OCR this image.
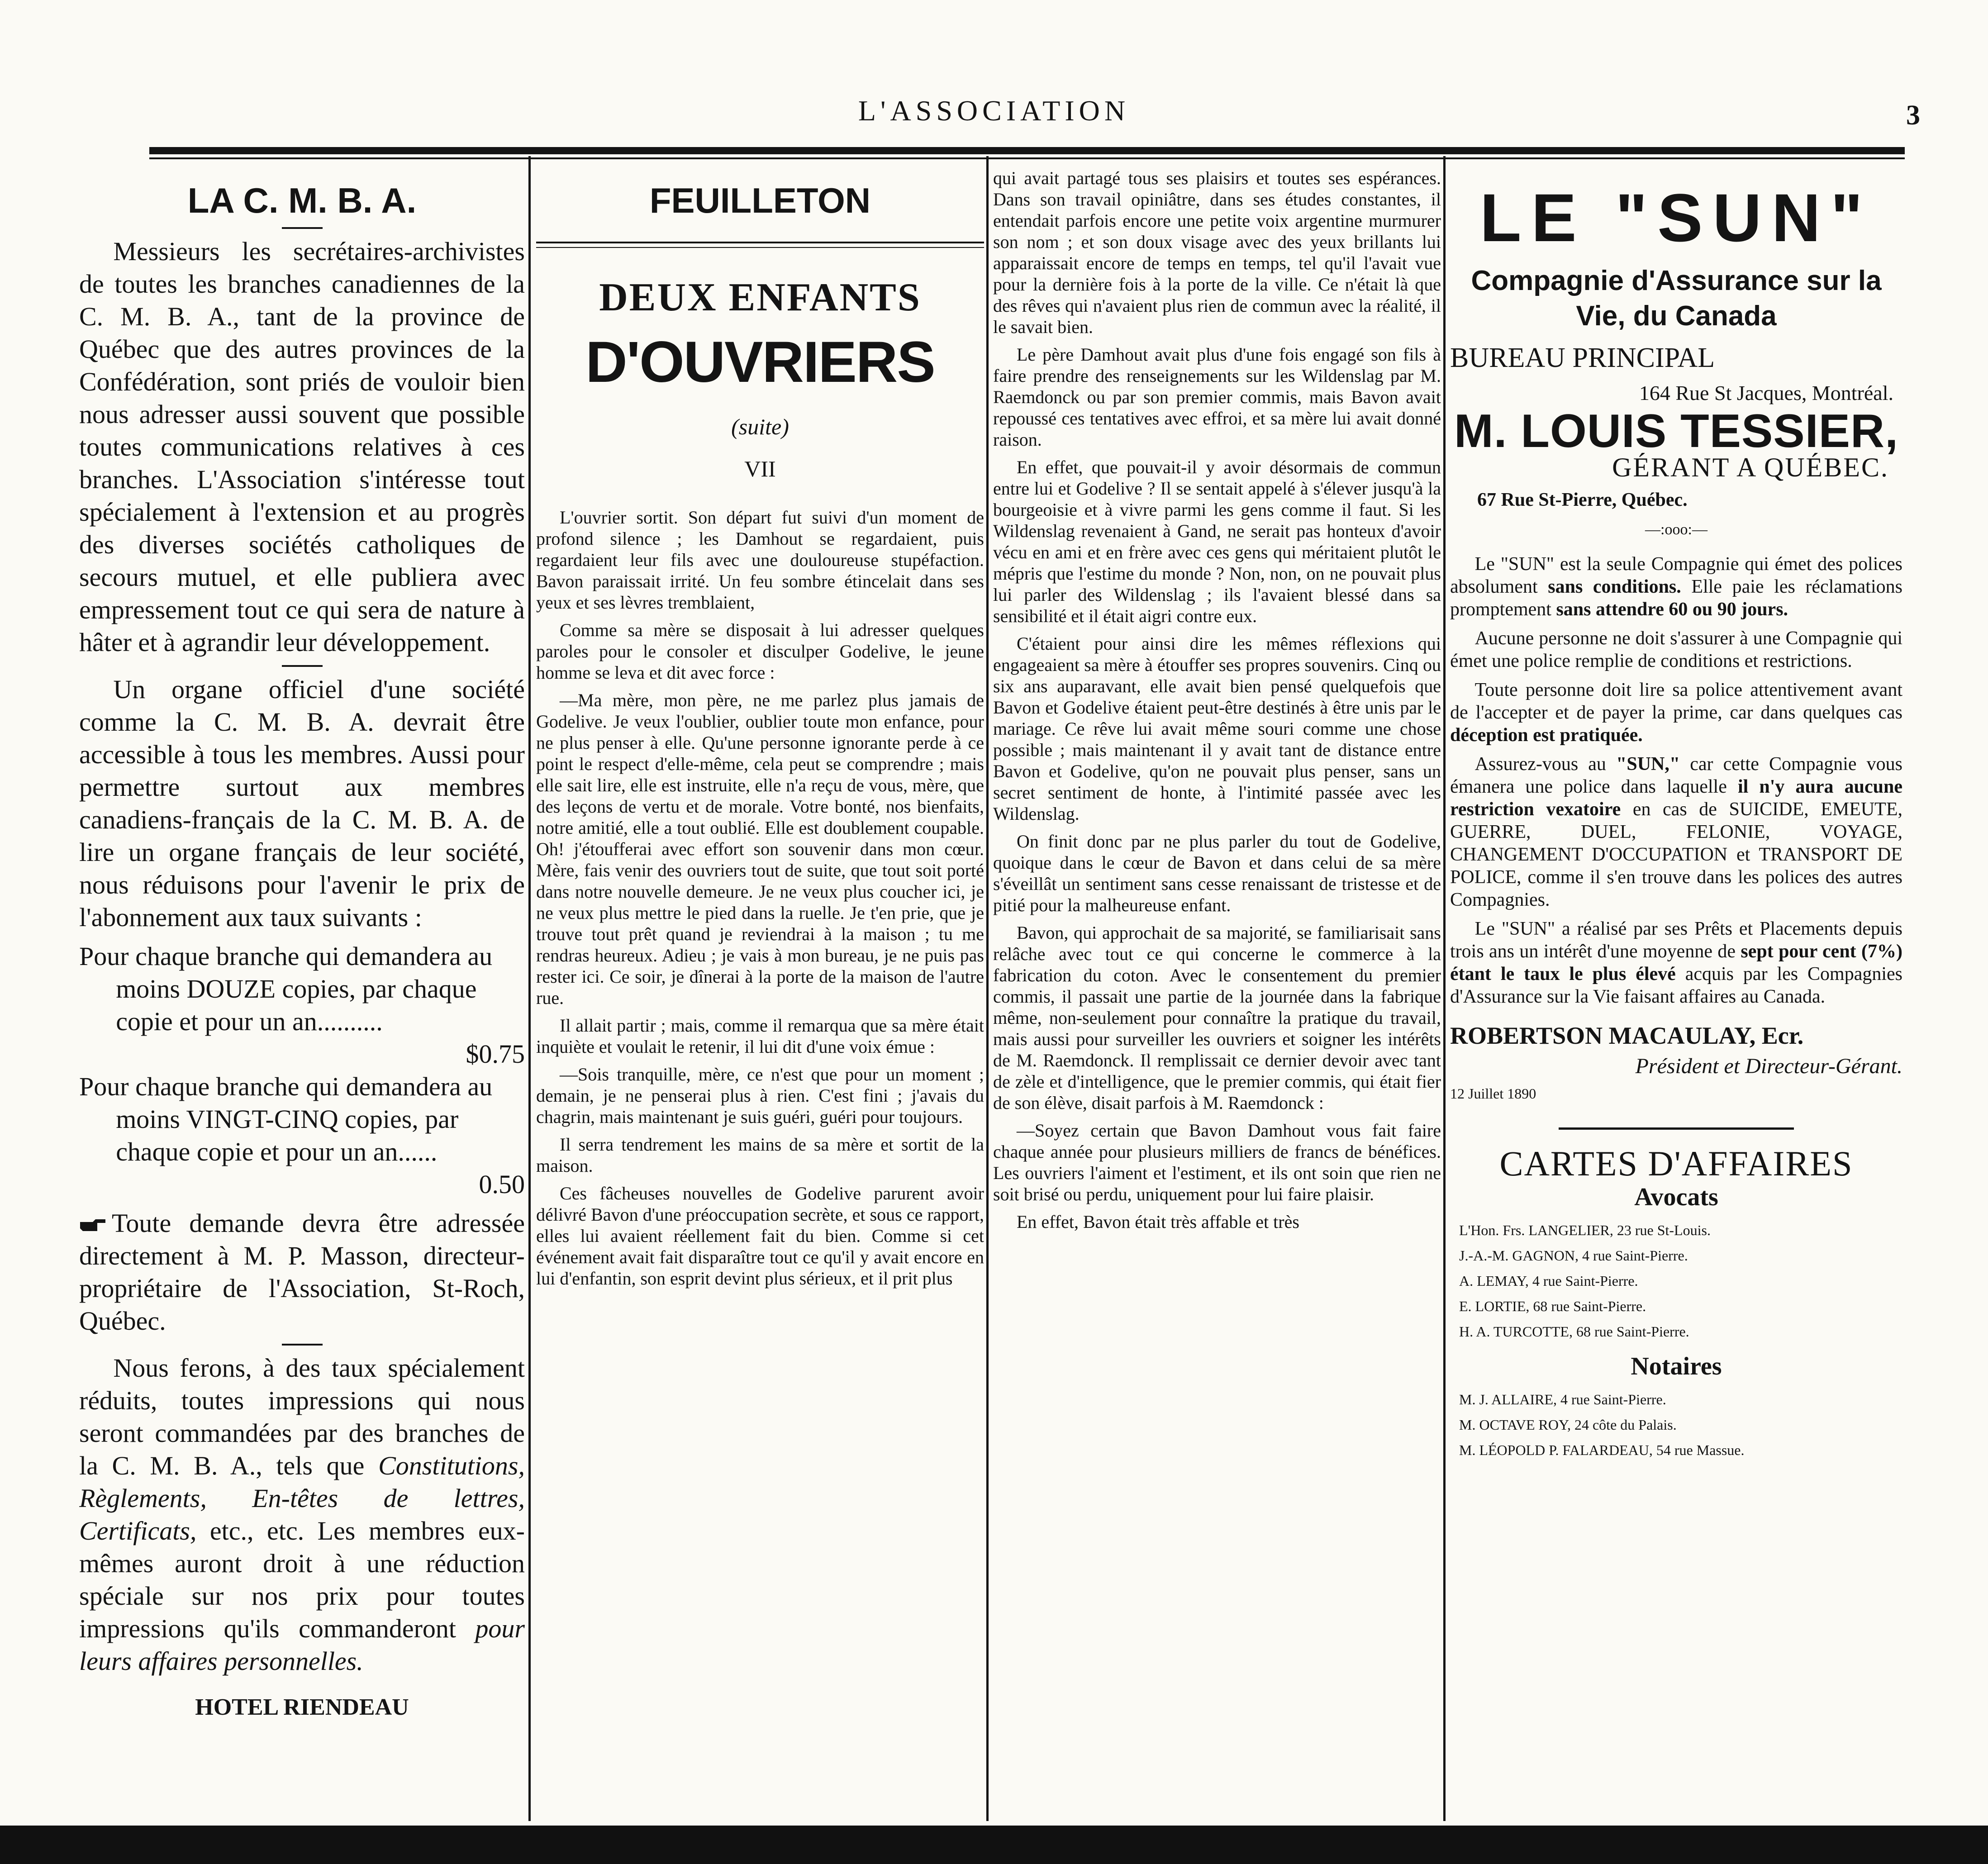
L'ASSOCIATION	3
LA C. M. B. A.

Messieurs les secrétaires-archivistes de toutes les branches canadiennes de la C. M. B. A., tant de la province de Québec que des autres provinces de la Confédération, sont priés de vouloir bien nous adresser aussi souvent que possible toutes communications relatives à ces branches. L'Association s'intéresse tout spécialement à l'extension et au progrès des diverses sociétés catholiques de secours mutuel, et elle publiera avec empressement tout ce qui sera de nature à hâter et à agrandir leur développement.

Un organe officiel d'une société comme la C. M. B. A. devrait être accessible à tous les membres. Aussi pour permettre surtout aux membres canadiens-français de la C. M. B. A. de lire un organe français de leur société, nous réduisons pour l'avenir le prix de l'abonnement aux taux suivants :

Pour chaque branche qui demandera au moins DOUZE copies, par chaque copie et pour un an..........
$0.75
Pour chaque branche qui demandera au moins VINGT-CINQ copies, par chaque copie et pour un an......
0.50

Toute demande devra être adressée directement à M. P. Masson, directeur-propriétaire de l'Association, St-Roch, Québec.

Nous ferons, à des taux spécialement réduits, toutes impressions qui nous seront commandées par des branches de la C. M. B. A., tels que Constitutions, Règlements, En-têtes de lettres, Certificats, etc., etc. Les membres eux-mêmes auront droit à une réduction spéciale sur nos prix pour toutes impressions qu'ils commanderont pour leurs affaires personnelles.

HOTEL RIENDEAU
FEUILLETON
DEUX ENFANTS
D'OUVRIERS
(suite)
VII

L'ouvrier sortit. Son départ fut suivi d'un moment de profond silence ; les Damhout se regardaient, puis regardaient leur fils avec une douloureuse stupéfaction. Bavon paraissait irrité. Un feu sombre étincelait dans ses yeux et ses lèvres tremblaient,

Comme sa mère se disposait à lui adresser quelques paroles pour le consoler et disculper Godelive, le jeune homme se leva et dit avec force :

—Ma mère, mon père, ne me parlez plus jamais de Godelive. Je veux l'oublier, oublier toute mon enfance, pour ne plus penser à elle. Qu'une personne ignorante perde à ce point le respect d'elle-même, cela peut se comprendre ; mais elle sait lire, elle est instruite, elle n'a reçu de vous, mère, que des leçons de vertu et de morale. Votre bonté, nos bienfaits, notre amitié, elle a tout oublié. Elle est doublement coupable. Oh! j'étoufferai avec effort son souvenir dans mon cœur. Mère, fais venir des ouvriers tout de suite, que tout soit porté dans notre nouvelle demeure. Je ne veux plus coucher ici, je ne veux plus mettre le pied dans la ruelle. Je t'en prie, que je trouve tout prêt quand je reviendrai à la maison ; tu me rendras heureux. Adieu ; je vais à mon bureau, je ne puis pas rester ici. Ce soir, je dînerai à la porte de la maison de l'autre rue.

Il allait partir ; mais, comme il remarqua que sa mère était inquiète et voulait le retenir, il lui dit d'une voix émue :

—Sois tranquille, mère, ce n'est que pour un moment ; demain, je ne penserai plus à rien. C'est fini ; j'avais du chagrin, mais maintenant je suis guéri, guéri pour toujours.

Il serra tendrement les mains de sa mère et sortit de la maison.

Ces fâcheuses nouvelles de Godelive parurent avoir délivré Bavon d'une préoccupation secrète, et sous ce rapport, elles lui avaient réellement fait du bien. Comme si cet événement avait fait disparaître tout ce qu'il y avait encore en lui d'enfantin, son esprit devint plus sérieux, et il prit plus

qui avait partagé tous ses plaisirs et toutes ses espérances. Dans son travail opiniâtre, dans ses études constantes, il entendait parfois encore une petite voix argentine murmurer son nom ; et son doux visage avec des yeux brillants lui apparaissait encore de temps en temps, tel qu'il l'avait vue pour la dernière fois à la porte de la ville. Ce n'était là que des rêves qui n'avaient plus rien de commun avec la réalité, il le savait bien.

Le père Damhout avait plus d'une fois engagé son fils à faire prendre des renseignements sur les Wildenslag par M. Raemdonck ou par son premier commis, mais Bavon avait repoussé ces tentatives avec effroi, et sa mère lui avait donné raison.

En effet, que pouvait-il y avoir désormais de commun entre lui et Godelive ? Il se sentait appelé à s'élever jusqu'à la bourgeoisie et à vivre parmi les gens comme il faut. Si les Wildenslag revenaient à Gand, ne serait pas honteux d'avoir vécu en ami et en frère avec ces gens qui méritaient plutôt le mépris que l'estime du monde ? Non, non, on ne pouvait plus lui parler des Wildenslag ; ils l'avaient blessé dans sa sensibilité et il était aigri contre eux.

C'étaient pour ainsi dire les mêmes réflexions qui engageaient sa mère à étouffer ses propres souvenirs. Cinq ou six ans auparavant, elle avait bien pensé quelquefois que Bavon et Godelive étaient peut-être destinés à être unis par le mariage. Ce rêve lui avait même souri comme une chose possible ; mais maintenant il y avait tant de distance entre Bavon et Godelive, qu'on ne pouvait plus penser, sans un secret sentiment de honte, à l'intimité passée avec les Wildenslag.

On finit donc par ne plus parler du tout de Godelive, quoique dans le cœur de Bavon et dans celui de sa mère s'éveillât un sentiment sans cesse renaissant de tristesse et de pitié pour la malheureuse enfant.

Bavon, qui approchait de sa majorité, se familiarisait sans relâche avec tout ce qui concerne le commerce à la fabrication du coton. Avec le consentement du premier commis, il passait une partie de la journée dans la fabrique même, non-seulement pour connaître la pratique du travail, mais aussi pour surveiller les ouvriers et soigner les intérêts de M. Raemdonck. Il remplissait ce dernier devoir avec tant de zèle et d'intelligence, que le premier commis, qui était fier de son élève, disait parfois à M. Raemdonck :

—Soyez certain que Bavon Damhout vous fait faire chaque année pour plusieurs milliers de francs de bénéfices. Les ouvriers l'aiment et l'estiment, et ils ont soin que rien ne soit brisé ou perdu, uniquement pour lui faire plaisir.

En effet, Bavon était très affable et très

LE "SUN"
Compagnie d'Assurance sur la Vie, du Canada
BUREAU PRINCIPAL
164 Rue St Jacques, Montréal.
M. LOUIS TESSIER,
GÉRANT A QUÉBEC.
67 Rue St-Pierre, Québec.
—:ooo:—

Le "SUN" est la seule Compagnie qui émet des polices absolument sans conditions. Elle paie les réclamations promptement sans attendre 60 ou 90 jours.

Aucune personne ne doit s'assurer à une Compagnie qui émet une police remplie de conditions et restrictions.

Toute personne doit lire sa police attentivement avant de l'accepter et de payer la prime, car dans quelques cas déception est pratiquée.

Assurez-vous au "SUN," car cette Compagnie vous émanera une police dans laquelle il n'y aura aucune restriction vexatoire en cas de SUICIDE, EMEUTE, GUERRE, DUEL, FELONIE, VOYAGE, CHANGEMENT D'OCCUPATION et TRANSPORT DE POLICE, comme il s'en trouve dans les polices des autres Compagnies.

Le "SUN" a réalisé par ses Prêts et Placements depuis trois ans un intérêt d'une moyenne de sept pour cent (7%) étant le taux le plus élevé acquis par les Compagnies d'Assurance sur la Vie faisant affaires au Canada.

ROBERTSON MACAULAY, Ecr.
Président et Directeur-Gérant.
12 Juillet 1890
CARTES D'AFFAIRES
Avocats
L'Hon. Frs. LANGELIER, 23 rue St-Louis.
J.-A.-M. GAGNON, 4 rue Saint-Pierre.
A. LEMAY, 4 rue Saint-Pierre.
E. LORTIE, 68 rue Saint-Pierre.
H. A. TURCOTTE, 68 rue Saint-Pierre.
Notaires
M. J. ALLAIRE, 4 rue Saint-Pierre.
M. OCTAVE ROY, 24 côte du Palais.
M. LÉOPOLD P. FALARDEAU, 54 rue Massue.
